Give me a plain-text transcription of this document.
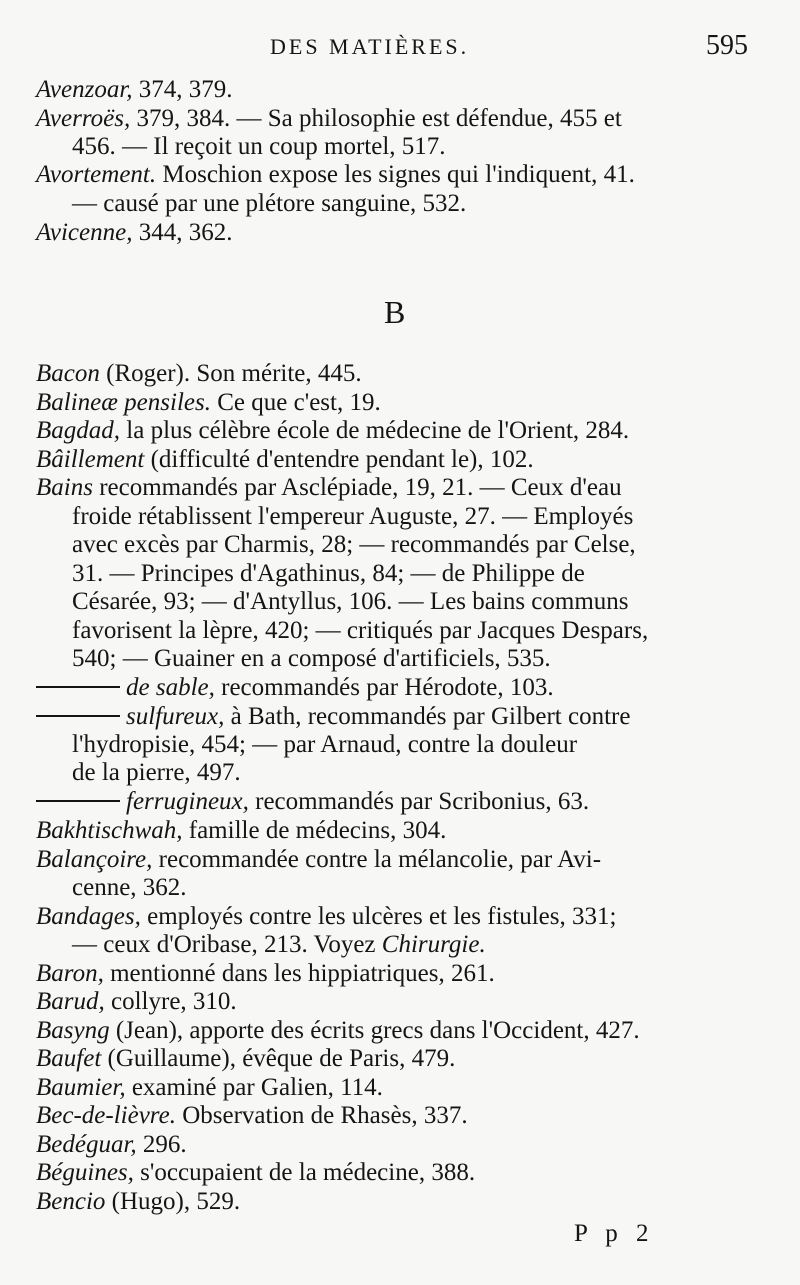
DES MATIÈRES.	595
B
Avenzoar, 374, 379.
Averroës, 379, 384. — Sa philosophie est défendue, 455 et
456. — Il reçoit un coup mortel, 517.
Avortement. Moschion expose les signes qui l'indiquent, 41.
— causé par une plétore sanguine, 532.
Avicenne, 344, 362.
Bacon (Roger). Son mérite, 445.
Balineæ pensiles. Ce que c'est, 19.
Bagdad, la plus célèbre école de médecine de l'Orient, 284.
Bâillement (difficulté d'entendre pendant le), 102.
Bains recommandés par Asclépiade, 19, 21. — Ceux d'eau
froide rétablissent l'empereur Auguste, 27. — Employés
avec excès par Charmis, 28; — recommandés par Celse,
31. — Principes d'Agathinus, 84; — de Philippe de
Césarée, 93; — d'Antyllus, 106. — Les bains communs
favorisent la lèpre, 420; — critiqués par Jacques Despars,
540; — Guainer en a composé d'artificiels, 535.
de sable, recommandés par Hérodote, 103.
sulfureux, à Bath, recommandés par Gilbert contre
l'hydropisie, 454; — par Arnaud, contre la douleur
de la pierre, 497.
ferrugineux, recommandés par Scribonius, 63.
Bakhtischwah, famille de médecins, 304.
Balançoire, recommandée contre la mélancolie, par Avi-
cenne, 362.
Bandages, employés contre les ulcères et les fistules, 331;
— ceux d'Oribase, 213. Voyez Chirurgie.
Baron, mentionné dans les hippiatriques, 261.
Barud, collyre, 310.
Basyng (Jean), apporte des écrits grecs dans l'Occident, 427.
Baufet (Guillaume), évêque de Paris, 479.
Baumier, examiné par Galien, 114.
Bec-de-lièvre. Observation de Rhasès, 337.
Bedéguar, 296.
Béguines, s'occupaient de la médecine, 388.
Bencio (Hugo), 529.
P p 2
